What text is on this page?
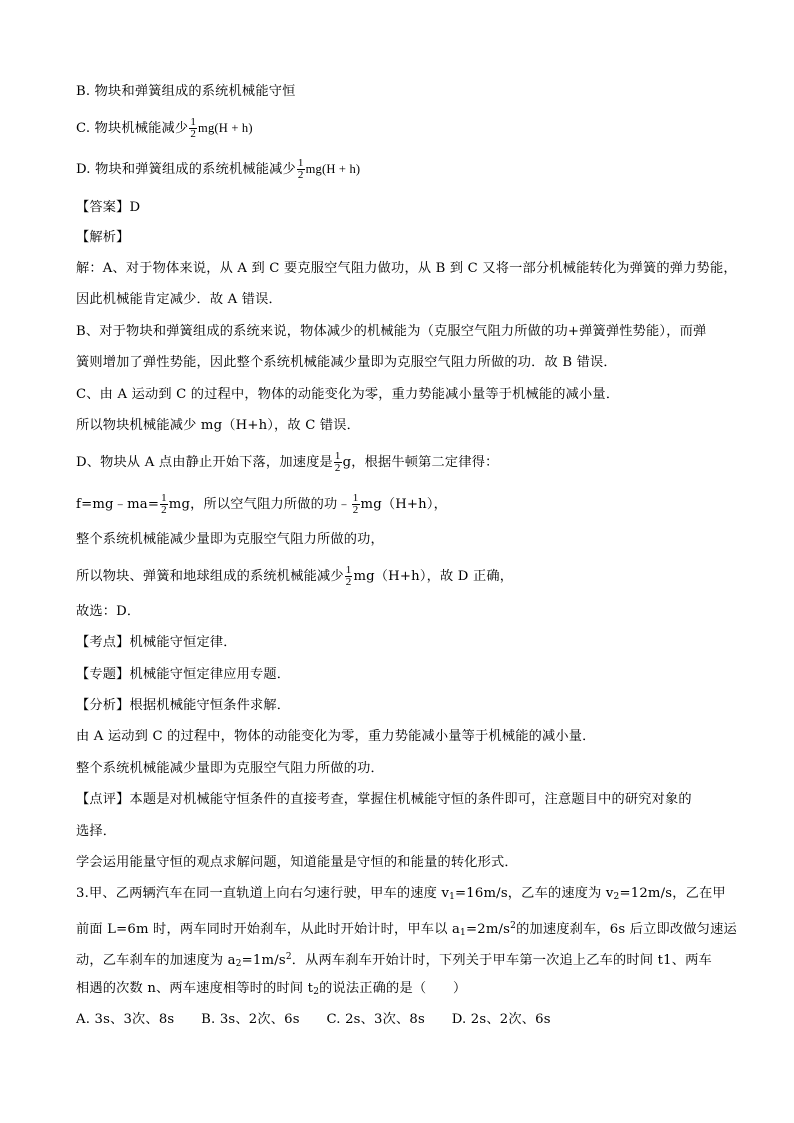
B. 物块和弹簧组成的系统机械能守恒
C. 物块机械能减少 $\frac{1}{2} mg(H + h)$
D. 物块和弹簧组成的系统机械能减少 $\frac{1}{2} mg(H + h)$
【答案】D
【解析】
解：A、对于物体来说，从 A 到 C 要克服空气阻力做功，从 B 到 C 又将一部分机械能转化为弹簧的弹力势能，
因此机械能肯定减少．故 A 错误．
B、对于物块和弹簧组成的系统来说，物体减少的机械能为（克服空气阻力所做的功+弹簧弹性势能），而弹
簧则增加了弹性势能，因此整个系统机械能减少量即为克服空气阻力所做的功．故 B 错误．
C、由 A 运动到 C 的过程中，物体的动能变化为零，重力势能减小量等于机械能的减小量．
所以物块机械能减少 mg（H+h），故 C 错误．
D、物块从 A 点由静止开始下落，加速度是 $\frac{1}{2}$ g，根据牛顿第二定律得：
f=mg﹣ma= $\frac{1}{2}$ mg，所以空气阻力所做的功﹣ $\frac{1}{2} mg(H+h)$，
整个系统机械能减少量即为克服空气阻力所做的功，
所以物块、弹簧和地球组成的系统机械能减少 $\frac{1}{2} mg(H+h)$，故 D 正确，
故选：D．
【考点】机械能守恒定律．
【专题】机械能守恒定律应用专题．
【分析】根据机械能守恒条件求解．
由 A 运动到 C 的过程中，物体的动能变化为零，重力势能减小量等于机械能的减小量．
整个系统机械能减少量即为克服空气阻力所做的功．
【点评】本题是对机械能守恒条件的直接考查，掌握住机械能守恒的条件即可，注意题目中的研究对象的
选择．
学会运用能量守恒的观点求解问题，知道能量是守恒的和能量的转化形式．
3.甲、乙两辆汽车在同一直轨道上向右匀速行驶，甲车的速度 $v_1=16m/s$，乙车的速度为 $v_2=12m/s$，乙在甲
前面 L=6m 时，两车同时开始刹车，从此时开始计时，甲车以 $a_1=2m/s^2$的加速度刹车，6s 后立即改做匀速运
动，乙车刹车的加速度为 $a_2=1m/s^2$．从两车刹车开始计时，下列关于甲车第一次追上乙车的时间 t1、两车
相遇的次数 n、两车速度相等时的时间 $t_2$的说法正确的是（　　）
A. 3s、3次、8s　　B. 3s、2次、6s　　C. 2s、3次、8s　　D. 2s、2次、6s
